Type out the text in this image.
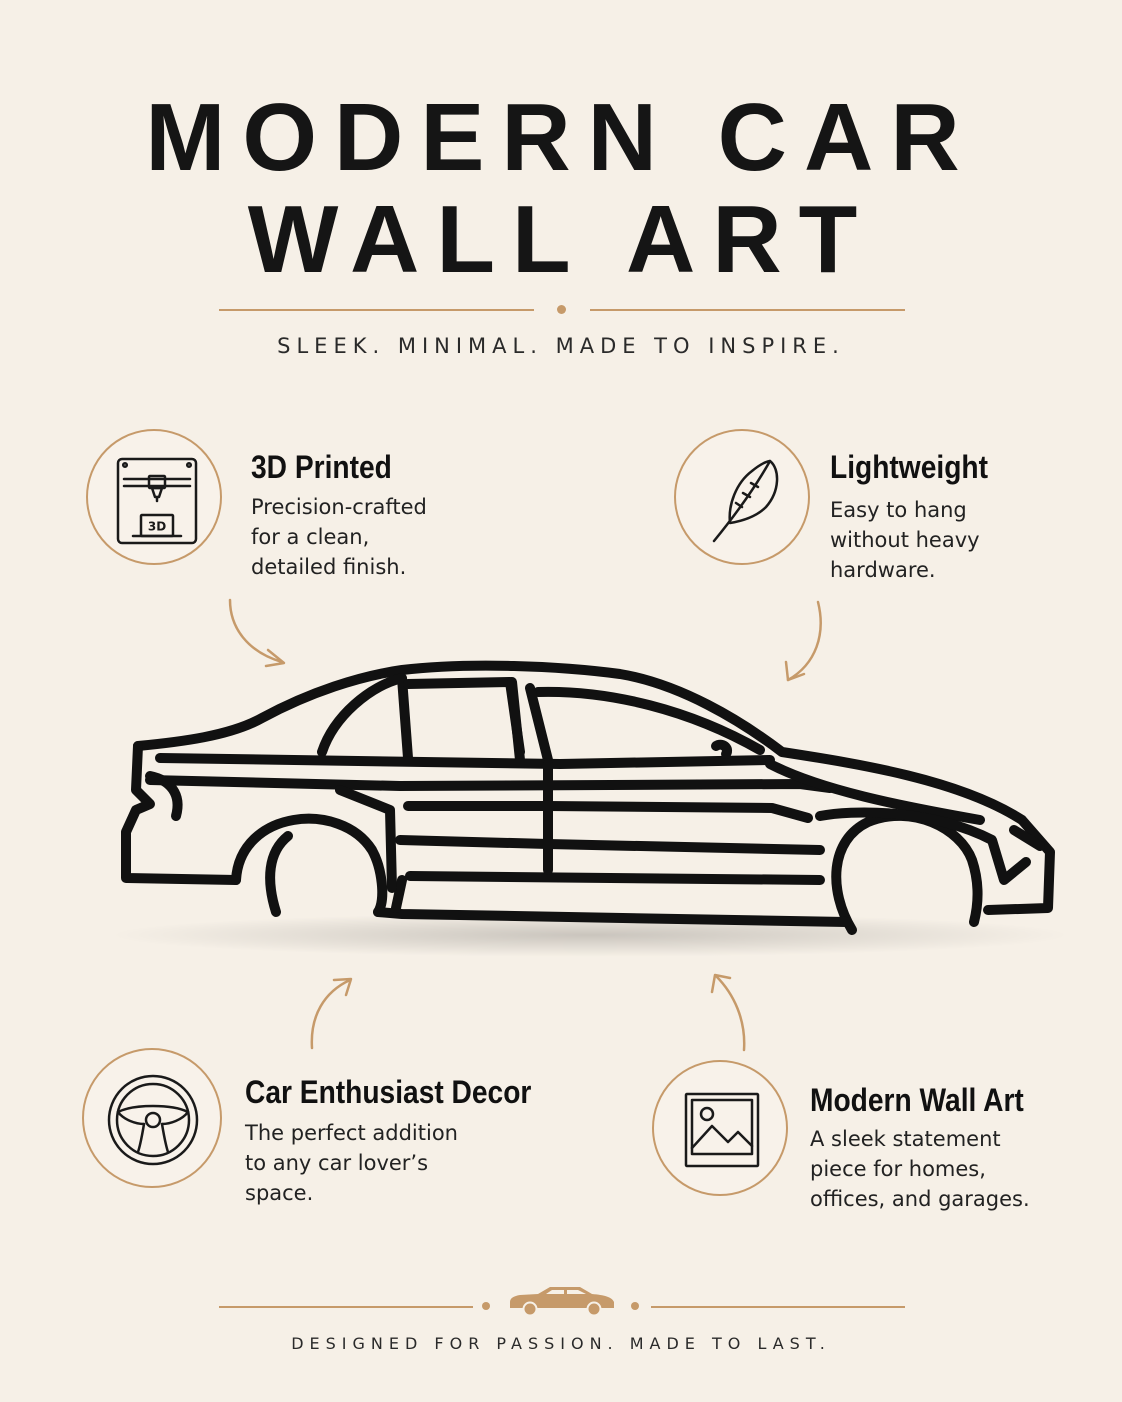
MODERN CAR
WALL ART
SLEEK. MINIMAL. MADE TO INSPIRE.
3D
3D Printed
Precision-crafted
for a clean,
detailed finish.
Lightweight
Easy to hang
without heavy
hardware.
Car Enthusiast Decor
The perfect addition
to any car lover’s
space.
Modern Wall Art
A sleek statement
piece for homes,
offices, and garages.
DESIGNED FOR PASSION. MADE TO LAST.
